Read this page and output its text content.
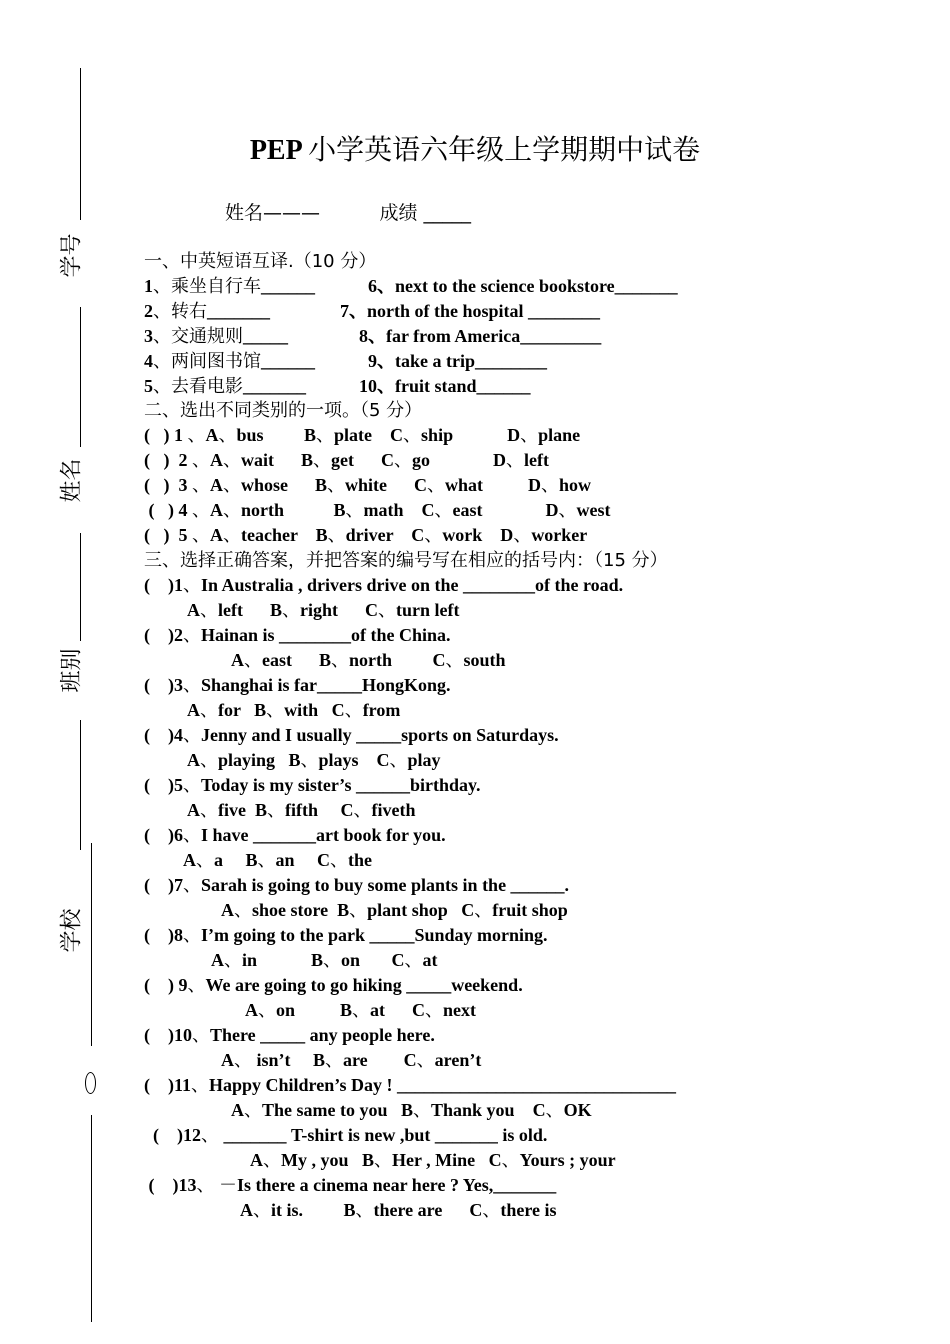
学号
姓名
班别
学校
PEP 小学英语六年级上学期期中试卷
姓名———	成绩 _____
一、中英短语互译.（10 分）
二、选出不同类别的一项。（5 分）
三、选择正确答案，并把答案的编号写在相应的括号内：（15 分）
1、乘坐自行车______
2、转右_______
3、交通规则_____
4、两间图书馆______
5、去看电影_______
6、next to the science bookstore_______
7、north of the hospital ________
8、far from America_________
9、take a trip________
10、fruit stand______
(   ) 1 、A、bus         B、plate    C、ship            D、plane
(   )  2 、A、wait      B、get      C、go              D、left
(   )  3 、A、whose      B、white      C、what          D、how
(   ) 4 、A、north           B、math    C、east              D、west
(   )  5 、A、teacher    B、driver    C、work    D、worker
(    )1、In Australia , drivers drive on the ________of the road.
A、left      B、right      C、turn left
(    )2、Hainan is ________of the China.
A、east      B、north         C、south
(    )3、Shanghai is far_____HongKong.
A、for   B、with   C、from
(    )4、Jenny and I usually _____sports on Saturdays.
A、playing   B、plays    C、play
(    )5、Today is my sister’s ______birthday.
A、five  B、fifth     C、fiveth
(    )6、I have _______art book for you.
A、a     B、an     C、the
(    )7、Sarah is going to buy some plants in the ______.
A、shoe store  B、plant shop   C、fruit shop
(    )8、I’m going to the park _____Sunday morning.
A、in            B、on       C、at
(    ) 9、We are going to go hiking _____weekend.
A、on          B、at      C、next
(    )10、There _____ any people here.
A、 isn’t     B、are        C、aren’t
(    )11、Happy Children’s Day ! _______________________________
A、The same to you   B、Thank you    C、OK
(    )12、 _______ T-shirt is new ,but _______ is old.
A、My , you   B、Her , Mine   C、Yours ; your
(    )13、 －Is there a cinema near here ? Yes,_______
A、it is.         B、there are      C、there is
